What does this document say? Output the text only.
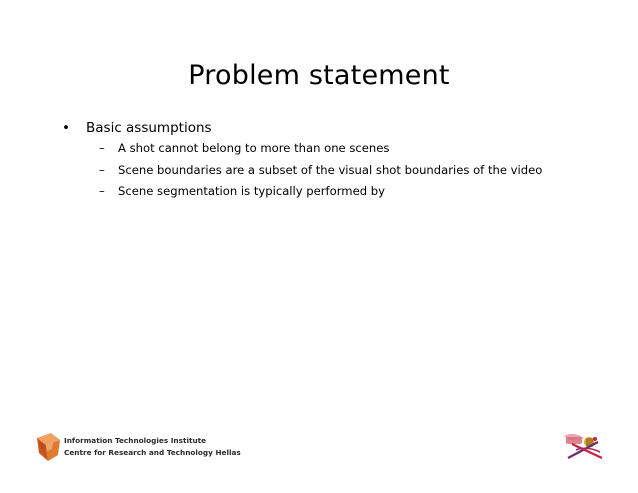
Problem statement
• Basic assumptions
– A shot cannot belong to more than one scenes
– Scene boundaries are a subset of the visual shot boundaries of the video
– Scene segmentation is typically performed by
Information Technologies Institute
Centre for Research and Technology Hellas
